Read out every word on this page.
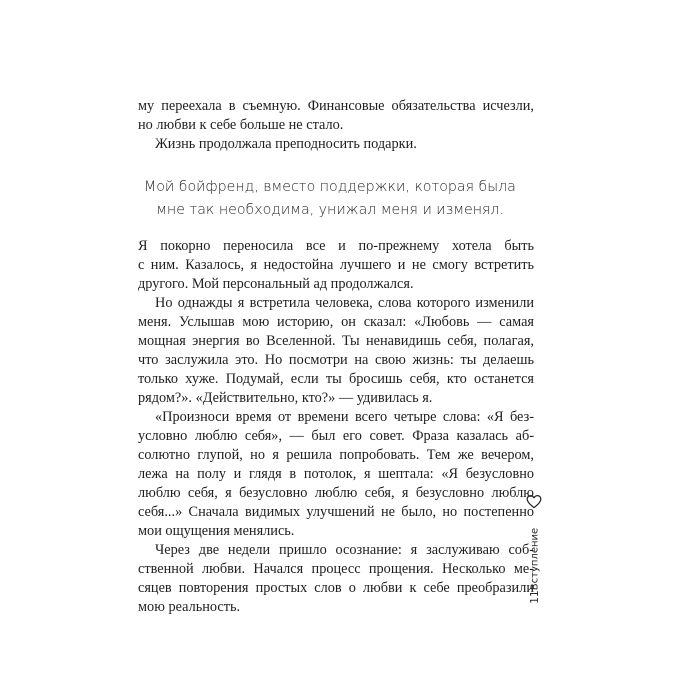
му переехала в съемную. Финансовые обязательства исчезли,
но любви к себе больше не стало.
Жизнь продолжала преподносить подарки.
Мой бойфренд, вместо поддержки, которая была
мне так необходима, унижал меня и изменял.
Я покорно переносила все и по-прежнему хотела быть
с ним. Казалось, я недостойна лучшего и не смогу встретить
другого. Мой персональный ад продолжался.
Но однажды я встретила человека, слова которого изменили
меня. Услышав мою историю, он сказал: «Любовь — самая
мощная энергия во Вселенной. Ты ненавидишь себя, полагая,
что заслужила это. Но посмотри на свою жизнь: ты делаешь
только хуже. Подумай, если ты бросишь себя, кто останется
рядом?». «Действительно, кто?» — удивилась я.
«Произноси время от времени всего четыре слова: «Я без-
условно люблю себя», — был его совет. Фраза казалась аб-
солютно глупой, но я решила попробовать. Тем же вечером,
лежа на полу и глядя в потолок, я шептала: «Я безусловно
люблю себя, я безусловно люблю себя, я безусловно люблю
себя...» Сначала видимых улучшений не было, но постепенно
мои ощущения менялись.
Через две недели пришло осознание: я заслуживаю соб-
ственной любви. Начался процесс прощения. Несколько ме-
сяцев повторения простых слов о любви к себе преобразили
мою реальность.
Вступление
11
